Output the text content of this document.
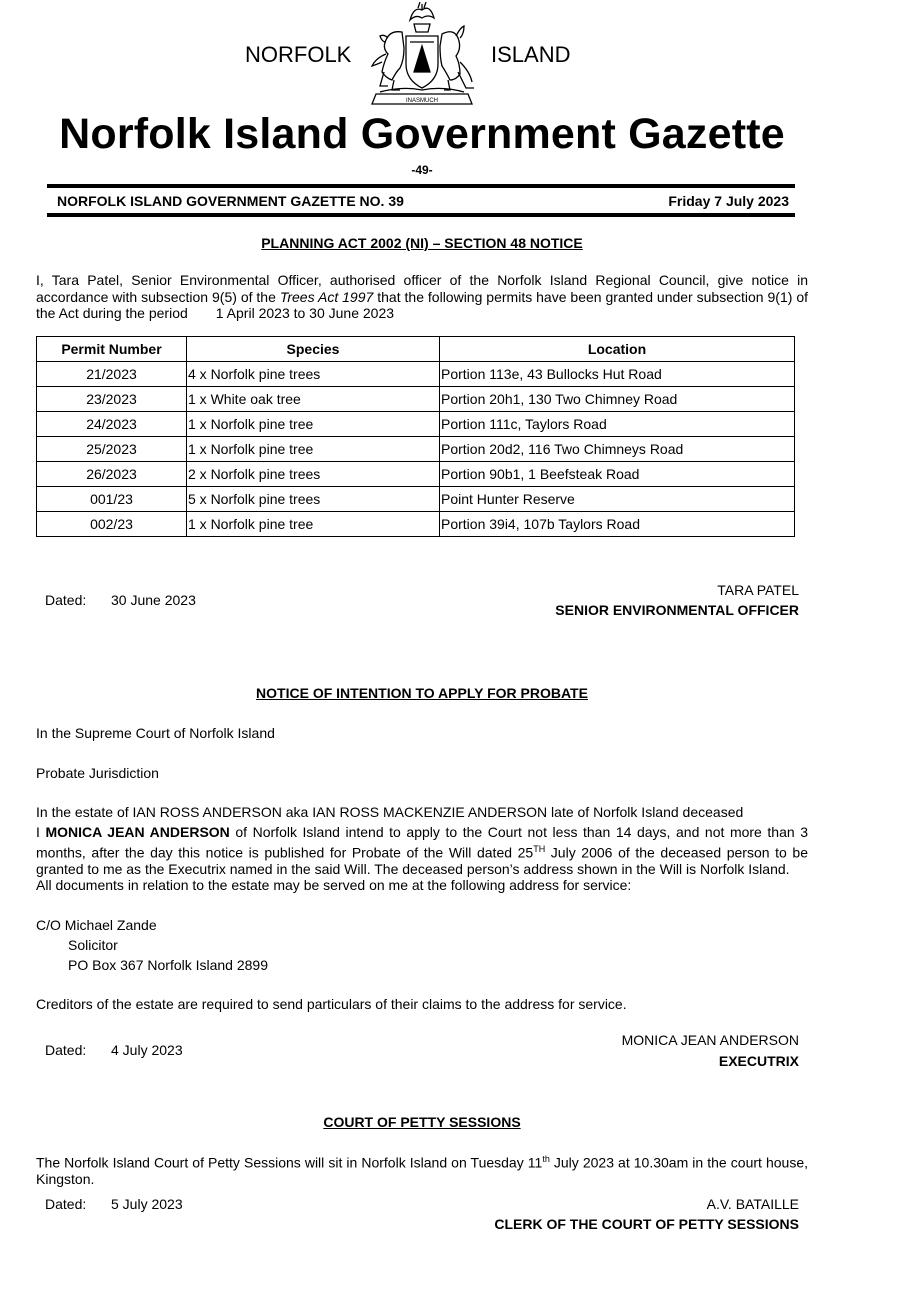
NORFOLK	ISLAND
INASMUCH
Norfolk Island Government Gazette
-49-
NORFOLK ISLAND GOVERNMENT GAZETTE NO. 39	Friday 7 July 2023
PLANNING ACT 2002 (NI) – SECTION 48 NOTICE
I, Tara Patel, Senior Environmental Officer, authorised officer of the Norfolk Island Regional Council, give notice in accordance with subsection 9(5) of the Trees Act 1997 that the following permits have been granted under subsection 9(1) of the Act during the period 1 April 2023 to 30 June 2023
Permit Number	Species	Location
21/2023	4 x Norfolk pine trees	Portion 113e, 43 Bullocks Hut Road
23/2023	1 x White oak tree	Portion 20h1, 130 Two Chimney Road
24/2023	1 x Norfolk pine tree	Portion 111c, Taylors Road
25/2023	1 x Norfolk pine tree	Portion 20d2, 116 Two Chimneys Road
26/2023	2 x Norfolk pine trees	Portion 90b1, 1 Beefsteak Road
001/23	5 x Norfolk pine trees	Point Hunter Reserve
002/23	1 x Norfolk pine tree	Portion 39i4, 107b Taylors Road
Dated: 30 June 2023
TARA PATEL
SENIOR ENVIRONMENTAL OFFICER
NOTICE OF INTENTION TO APPLY FOR PROBATE
In the Supreme Court of Norfolk Island
Probate Jurisdiction
In the estate of IAN ROSS ANDERSON aka IAN ROSS MACKENZIE ANDERSON late of Norfolk Island deceased
I MONICA JEAN ANDERSON of Norfolk Island intend to apply to the Court not less than 14 days, and not more than 3 months, after the day this notice is published for Probate of the Will dated 25TH July 2006 of the deceased person to be granted to me as the Executrix named in the said Will. The deceased person’s address shown in the Will is Norfolk Island.
All documents in relation to the estate may be served on me at the following address for service:
C/O Michael Zande
Solicitor
PO Box 367 Norfolk Island 2899
Creditors of the estate are required to send particulars of their claims to the address for service.
Dated: 4 July 2023
MONICA JEAN ANDERSON
EXECUTRIX
COURT OF PETTY SESSIONS
The Norfolk Island Court of Petty Sessions will sit in Norfolk Island on Tuesday 11th July 2023 at 10.30am in the court house, Kingston.
Dated: 5 July 2023	A.V. BATAILLE
CLERK OF THE COURT OF PETTY SESSIONS
